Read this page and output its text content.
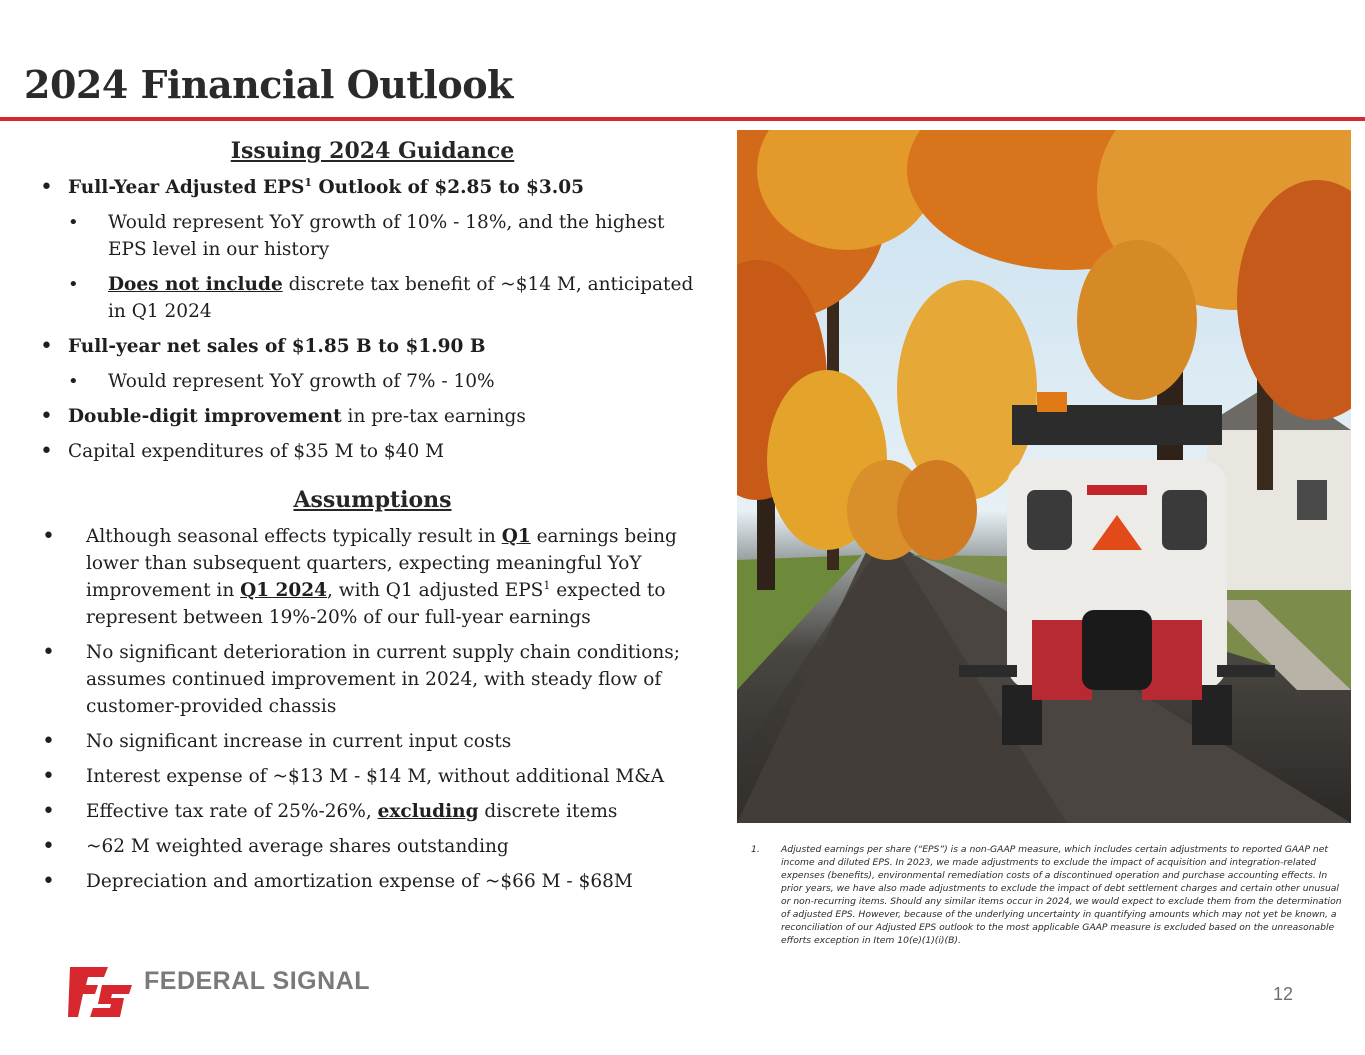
2024 Financial Outlook
Issuing 2024 Guidance
• Full-Year Adjusted EPS$^1$ Outlook of $2.85 to $3.05
• Would represent YoY growth of 10% - 18%, and the highest EPS level in our history
• Does not include discrete tax benefit of ~$14 M, anticipated in Q1 2024
• Full-year net sales of $1.85 B to $1.90 B
• Would represent YoY growth of 7% - 10%
• Double-digit improvement in pre-tax earnings
• Capital expenditures of $35 M to $40 M
Assumptions
• Although seasonal effects typically result in Q1 earnings being lower than subsequent quarters, expecting meaningful YoY improvement in Q1 2024, with Q1 adjusted EPS$^1$ expected to represent between 19%-20% of our full-year earnings
• No significant deterioration in current supply chain conditions; assumes continued improvement in 2024, with steady flow of customer-provided chassis
• No significant increase in current input costs
• Interest expense of ~$13 M - $14 M, without additional M&A
• Effective tax rate of 25%-26%, excluding discrete items
• ~62 M weighted average shares outstanding
• Depreciation and amortization expense of ~$66 M - $68M
1. Adjusted earnings per share (“EPS”) is a non-GAAP measure, which includes certain adjustments to reported GAAP net income and diluted EPS. In 2023, we made adjustments to exclude the impact of acquisition and integration-related expenses (benefits), environmental remediation costs of a discontinued operation and purchase accounting effects. In prior years, we have also made adjustments to exclude the impact of debt settlement charges and certain other unusual or non-recurring items. Should any similar items occur in 2024, we would expect to exclude them from the determination of adjusted EPS. However, because of the underlying uncertainty in quantifying amounts which may not yet be known, a reconciliation of our Adjusted EPS outlook to the most applicable GAAP measure is excluded based on the unreasonable efforts exception in Item 10(e)(1)(i)(B).
FEDERAL SIGNAL	12
